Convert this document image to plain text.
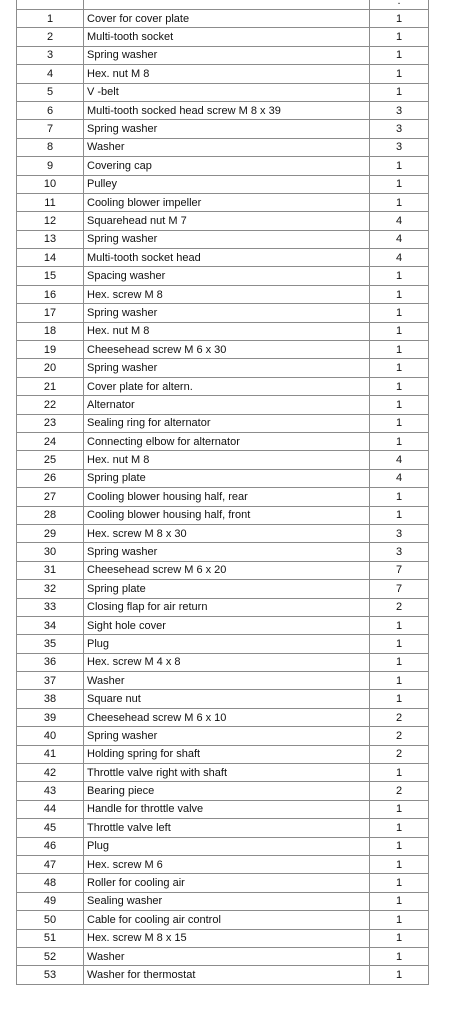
		.
1	Cover for cover plate	1
2	Multi-tooth socket	1
3	Spring washer	1
4	Hex. nut M 8	1
5	V -belt	1
6	Multi-tooth socked head screw M 8 x 39	3
7	Spring washer	3
8	Washer	3
9	Covering cap	1
10	Pulley	1
11	Cooling blower impeller	1
12	Squarehead nut M 7	4
13	Spring washer	4
14	Multi-tooth socket head	4
15	Spacing washer	1
16	Hex. screw M 8	1
17	Spring washer	1
18	Hex. nut M 8	1
19	Cheesehead screw M 6 x 30	1
20	Spring washer	1
21	Cover plate for altern.	1
22	Alternator	1
23	Sealing ring for alternator	1
24	Connecting elbow for alternator	1
25	Hex. nut M 8	4
26	Spring plate	4
27	Cooling blower housing half, rear	1
28	Cooling blower housing half, front	1
29	Hex. screw M 8 x 30	3
30	Spring washer	3
31	Cheesehead screw M 6 x 20	7
32	Spring plate	7
33	Closing flap for air return	2
34	Sight hole cover	1
35	Plug	1
36	Hex. screw M 4 x 8	1
37	Washer	1
38	Square nut	1
39	Cheesehead screw M 6 x 10	2
40	Spring washer	2
41	Holding spring for shaft	2
42	Throttle valve right with shaft	1
43	Bearing piece	2
44	Handle for throttle valve	1
45	Throttle valve left	1
46	Plug	1
47	Hex. screw M 6	1
48	Roller for cooling air	1
49	Sealing washer	1
50	Cable for cooling air control	1
51	Hex. screw M 8 x 15	1
52	Washer	1
53	Washer for thermostat	1
